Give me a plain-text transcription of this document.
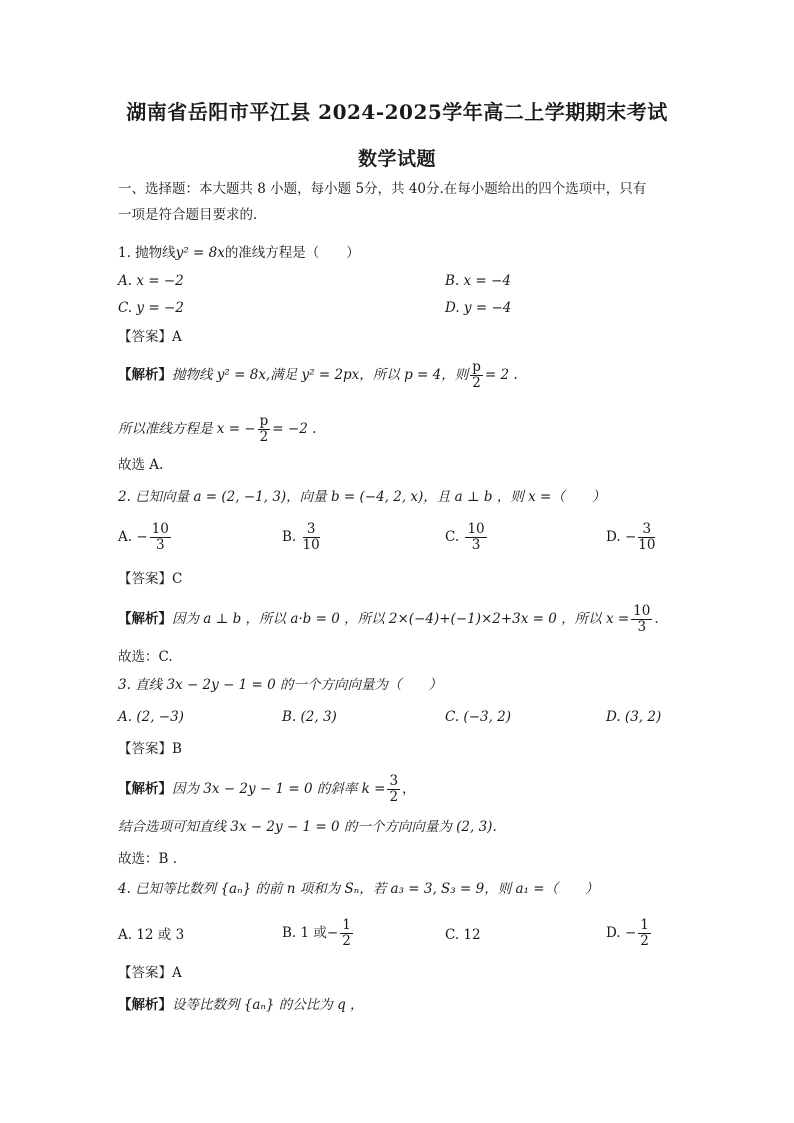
湖南省岳阳市平江县 2024-2025学年高二上学期期末考试
数学试题
一、选择题：本大题共 8 小题，每小题 5分，共 40分.在每小题给出的四个选项中，只有
一项是符合题目要求的.
1. 抛物线y² = 8x的准线方程是（　　）
A. x = −2	B. x = −4
C. y = −2	D. y = −4
【答案】A
【解析】抛物线 y² = 8x,满足 y² = 2px，所以 p = 4，则 $\frac{p}{2} = 2$ .
所以准线方程是 x = − $\frac{p}{2} = -2$ .
故选 A.
2. 已知向量 a = (2, −1, 3)，向量 b = (−4, 2, x)，且 a ⊥ b ，则 x =（　　）
A. − $\frac{10}{3}$	B. $\frac{3}{10}$	C. $\frac{10}{3}$	D. − $\frac{3}{10}$
【答案】C
【解析】因为 a ⊥ b ，所以 a·b = 0 ，所以 2×(−4)+(−1)×2+3x = 0 ，所以 $x = \frac{10}{3}$ .
故选：C.
3. 直线 3x − 2y − 1 = 0 的一个方向向量为（　　）
A. (2, −3)	B. (2, 3)	C. (−3, 2)	D. (3, 2)
【答案】B
【解析】因为 3x − 2y − 1 = 0 的斜率 $k = \frac{3}{2}$ ，
结合选项可知直线 3x − 2y − 1 = 0 的一个方向向量为 (2, 3).
故选：B .
4. 已知等比数列 {aₙ} 的前 n 项和为 Sₙ，若 a₃ = 3, S₃ = 9，则 a₁ =（　　）
A. 12 或 3	B. 1 或− $\frac{1}{2}$	C. 12	D. − $\frac{1}{2}$
【答案】A
【解析】设等比数列 {aₙ} 的公比为 q ，
